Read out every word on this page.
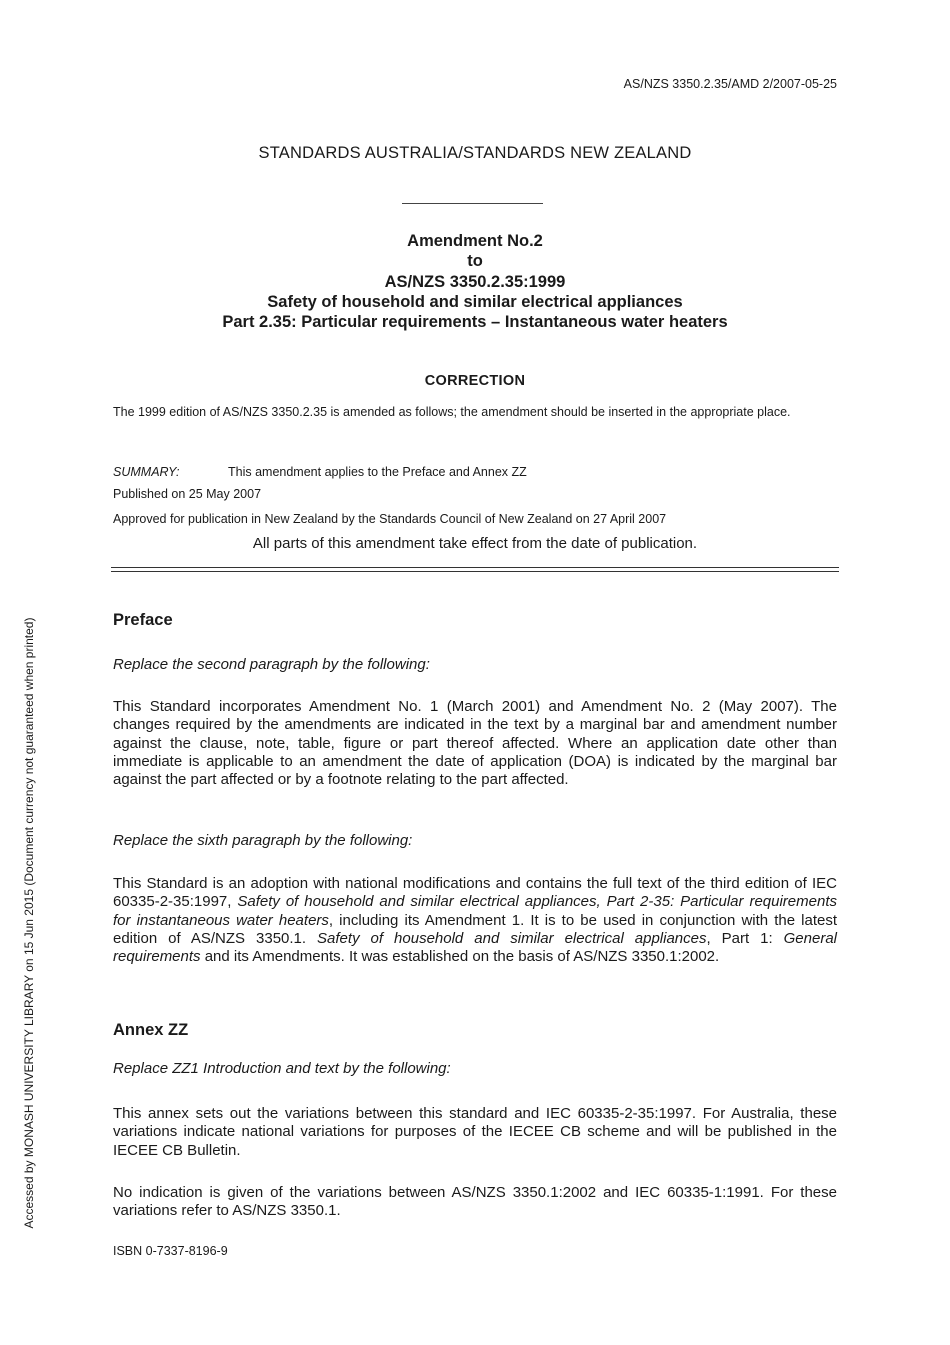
AS/NZS 3350.2.35/AMD 2/2007-05-25
STANDARDS AUSTRALIA/STANDARDS NEW ZEALAND
Amendment No.2
to
AS/NZS 3350.2.35:1999
Safety of household and similar electrical appliances
Part 2.35: Particular requirements – Instantaneous water heaters
CORRECTION
The 1999 edition of AS/NZS 3350.2.35 is amended as follows; the amendment should be inserted in the appropriate place.
SUMMARY:	This amendment applies to the Preface and Annex ZZ
Published on 25 May 2007
Approved for publication in New Zealand by the Standards Council of New Zealand on 27 April 2007
All parts of this amendment take effect from the date of publication.
Preface
Replace the second paragraph by the following:
This Standard incorporates Amendment No. 1 (March 2001) and Amendment No. 2 (May 2007). The changes required by the amendments are indicated in the text by a marginal bar and amendment number against the clause, note, table, figure or part thereof affected. Where an application date other than immediate is applicable to an amendment the date of application (DOA) is indicated by the marginal bar against the part affected or by a footnote relating to the part affected.
Replace the sixth paragraph by the following:
This Standard is an adoption with national modifications and contains the full text of the third edition of IEC 60335-2-35:1997, Safety of household and similar electrical appliances, Part 2-35: Particular requirements for instantaneous water heaters, including its Amendment 1. It is to be used in conjunction with the latest edition of AS/NZS 3350.1. Safety of household and similar electrical appliances, Part 1: General requirements and its Amendments. It was established on the basis of AS/NZS 3350.1:2002.
Annex ZZ
Replace ZZ1 Introduction and text by the following:
This annex sets out the variations between this standard and IEC 60335-2-35:1997. For Australia, these variations indicate national variations for purposes of the IECEE CB scheme and will be published in the IECEE CB Bulletin.
No indication is given of the variations between AS/NZS 3350.1:2002 and IEC 60335-1:1991. For these variations refer to AS/NZS 3350.1.
ISBN 0-7337-8196-9
Accessed by MONASH UNIVERSITY LIBRARY on 15 Jun 2015 (Document currency not guaranteed when printed)
